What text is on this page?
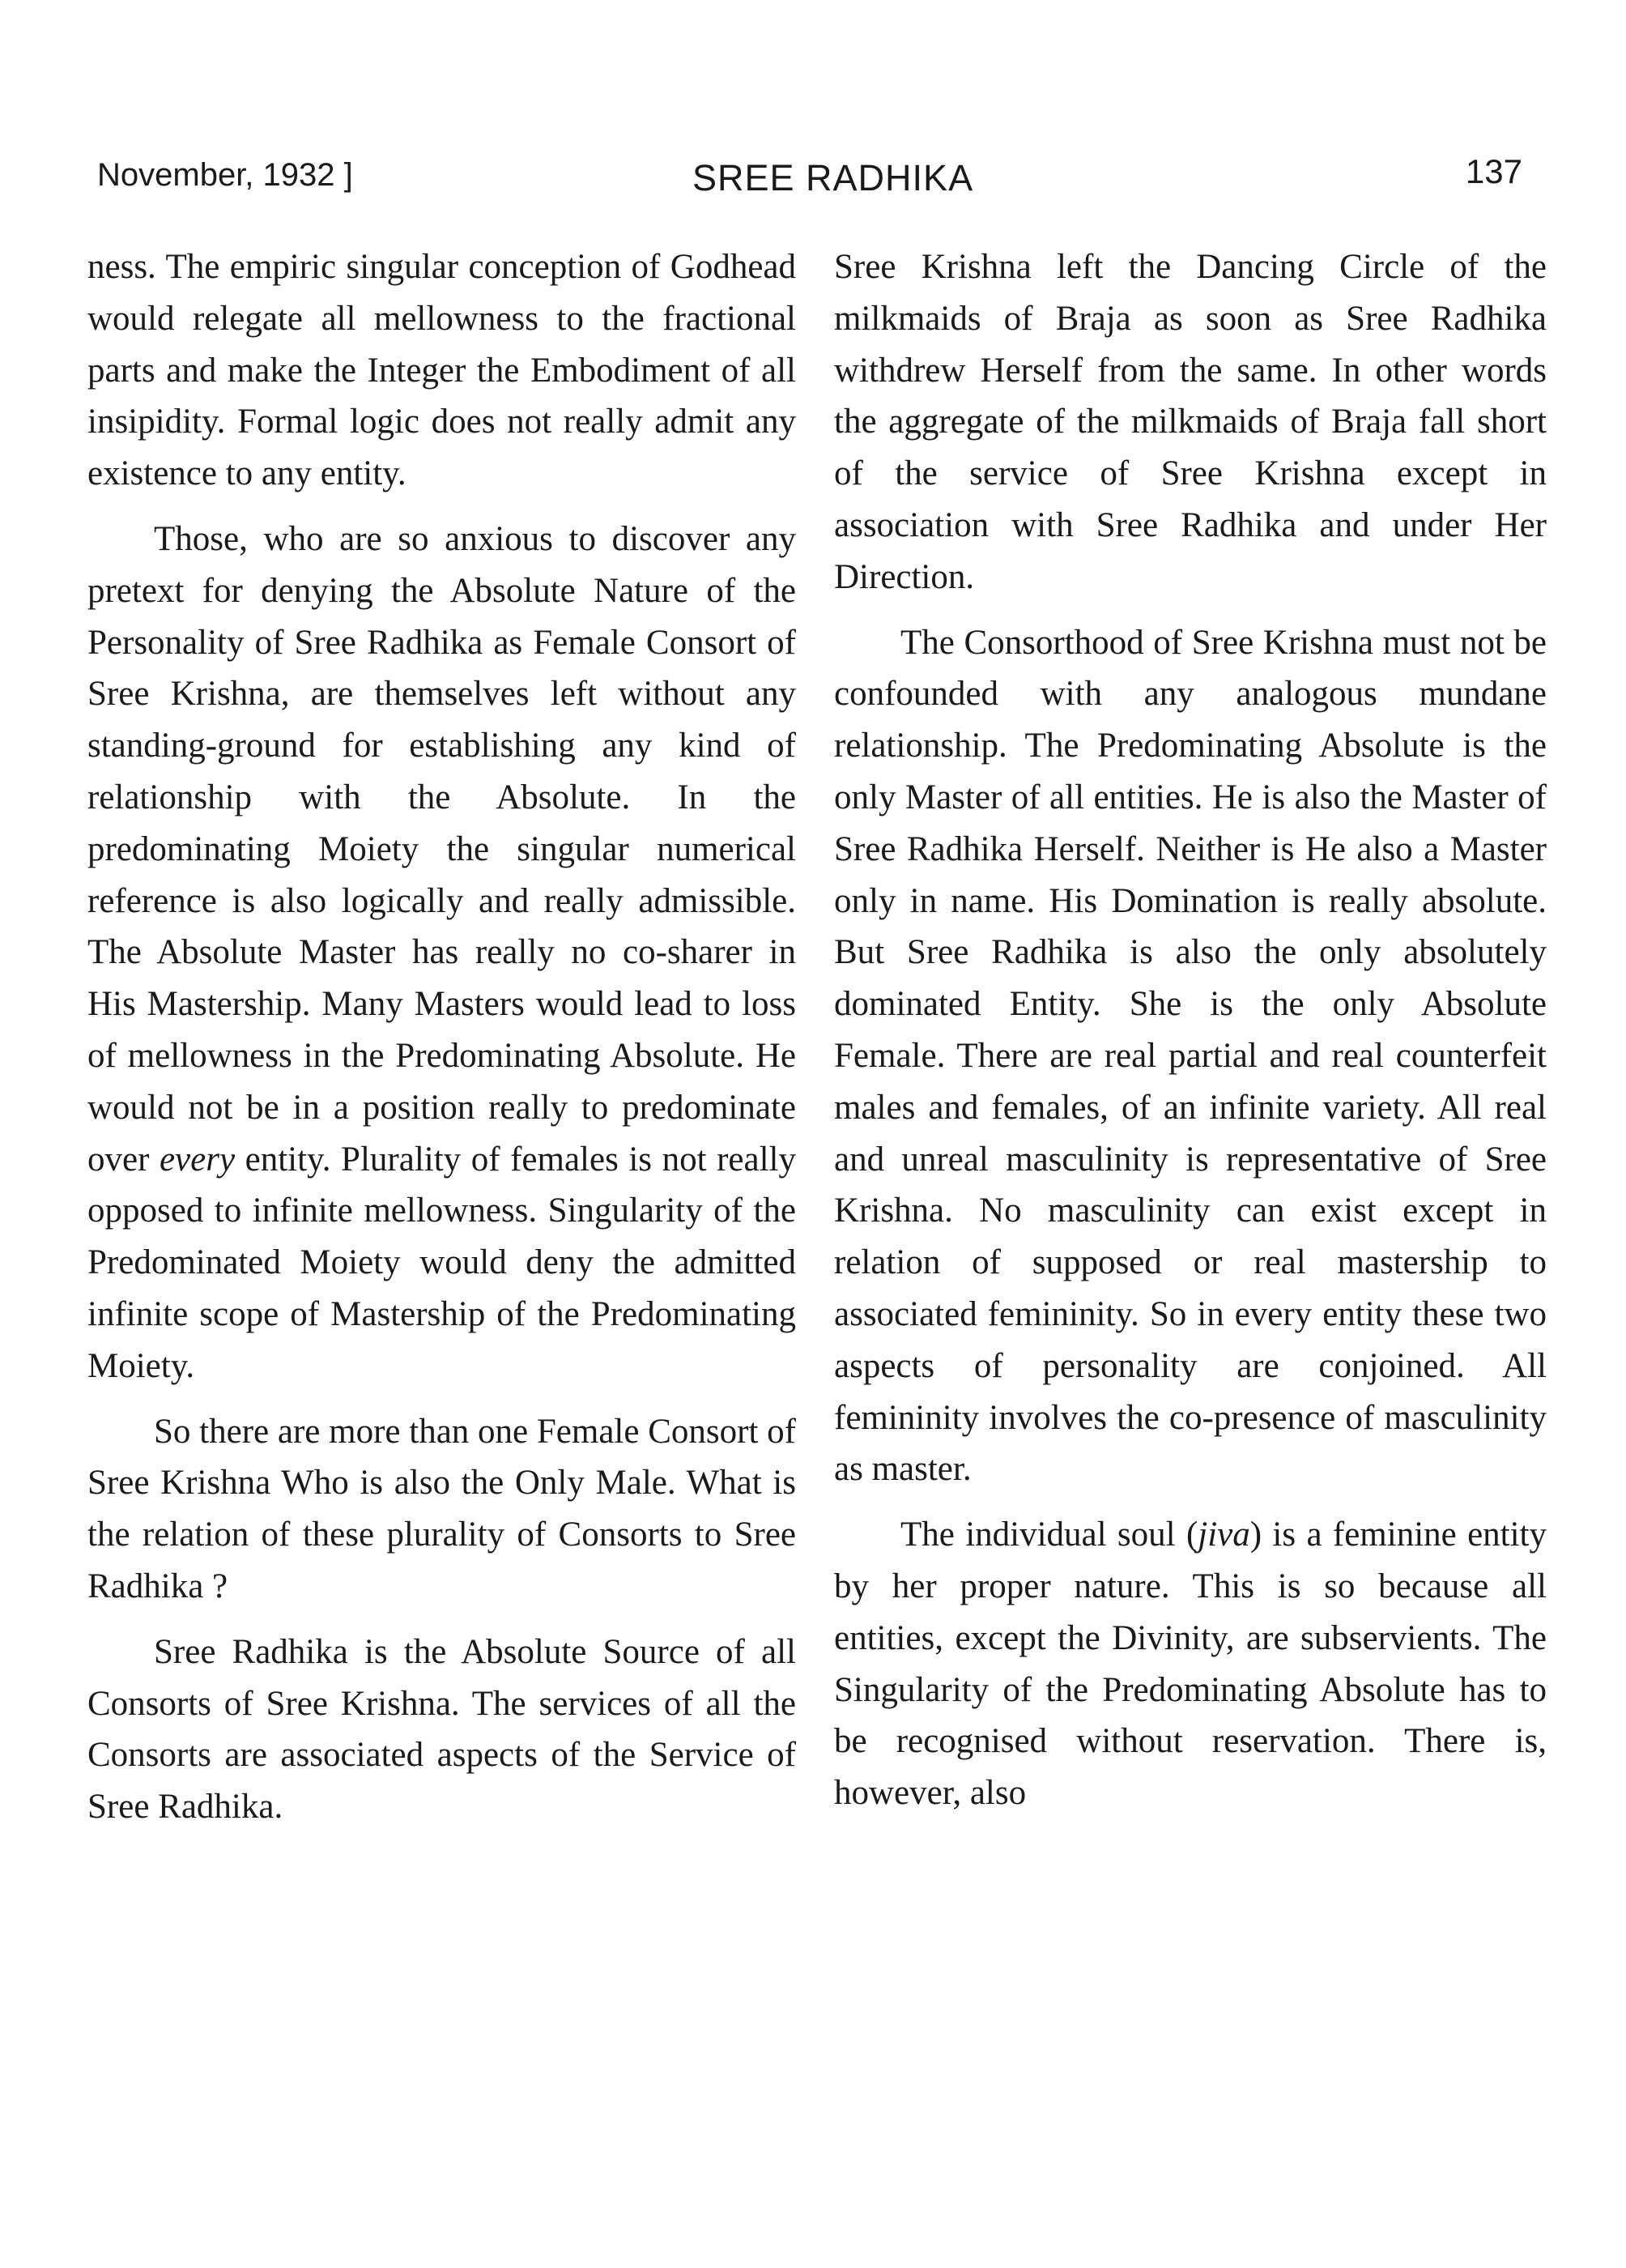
November, 1932 ]	SREE RADHIKA	137

ness. The empiric singular conception of Godhead would relegate all mellowness to the fractional parts and make the Integer the Embodiment of all insipidity. Formal logic does not really admit any existence to any entity.

Those, who are so anxious to discover any pretext for denying the Absolute Nature of the Personality of Sree Radhika as Female Consort of Sree Krishna, are themselves left without any standing-ground for establishing any kind of relationship with the Absolute. In the predominating Moiety the singular numerical reference is also logically and really admissible. The Absolute Master has really no co-sharer in His Mastership. Many Masters would lead to loss of mellowness in the Predominating Absolute. He would not be in a position really to predominate over every entity. Plurality of females is not really opposed to infinite mellowness. Singularity of the Predominated Moiety would deny the admitted infinite scope of Mastership of the Predominating Moiety.

So there are more than one Female Consort of Sree Krishna Who is also the Only Male. What is the relation of these plurality of Consorts to Sree Radhika ?

Sree Radhika is the Absolute Source of all Consorts of Sree Krishna. The services of all the Consorts are associated aspects of the Service of Sree Radhika.

Sree Krishna left the Dancing Circle of the milkmaids of Braja as soon as Sree Radhika withdrew Herself from the same. In other words the aggregate of the milkmaids of Braja fall short of the service of Sree Krishna except in association with Sree Radhika and under Her Direction.

The Consorthood of Sree Krishna must not be confounded with any analogous mundane relationship. The Predominating Absolute is the only Master of all entities. He is also the Master of Sree Radhika Herself. Neither is He also a Master only in name. His Domination is really absolute. But Sree Radhika is also the only absolutely dominated Entity. She is the only Absolute Female. There are real partial and real counterfeit males and females, of an infinite variety. All real and unreal masculinity is representative of Sree Krishna. No masculinity can exist except in relation of supposed or real mastership to associated femininity. So in every entity these two aspects of personality are conjoined. All femininity involves the co-presence of masculinity as master.

The individual soul (jiva) is a feminine entity by her proper nature. This is so because all entities, except the Divinity, are subservients. The Singularity of the Predominating Absolute has to be recognised without reservation. There is, however, also
